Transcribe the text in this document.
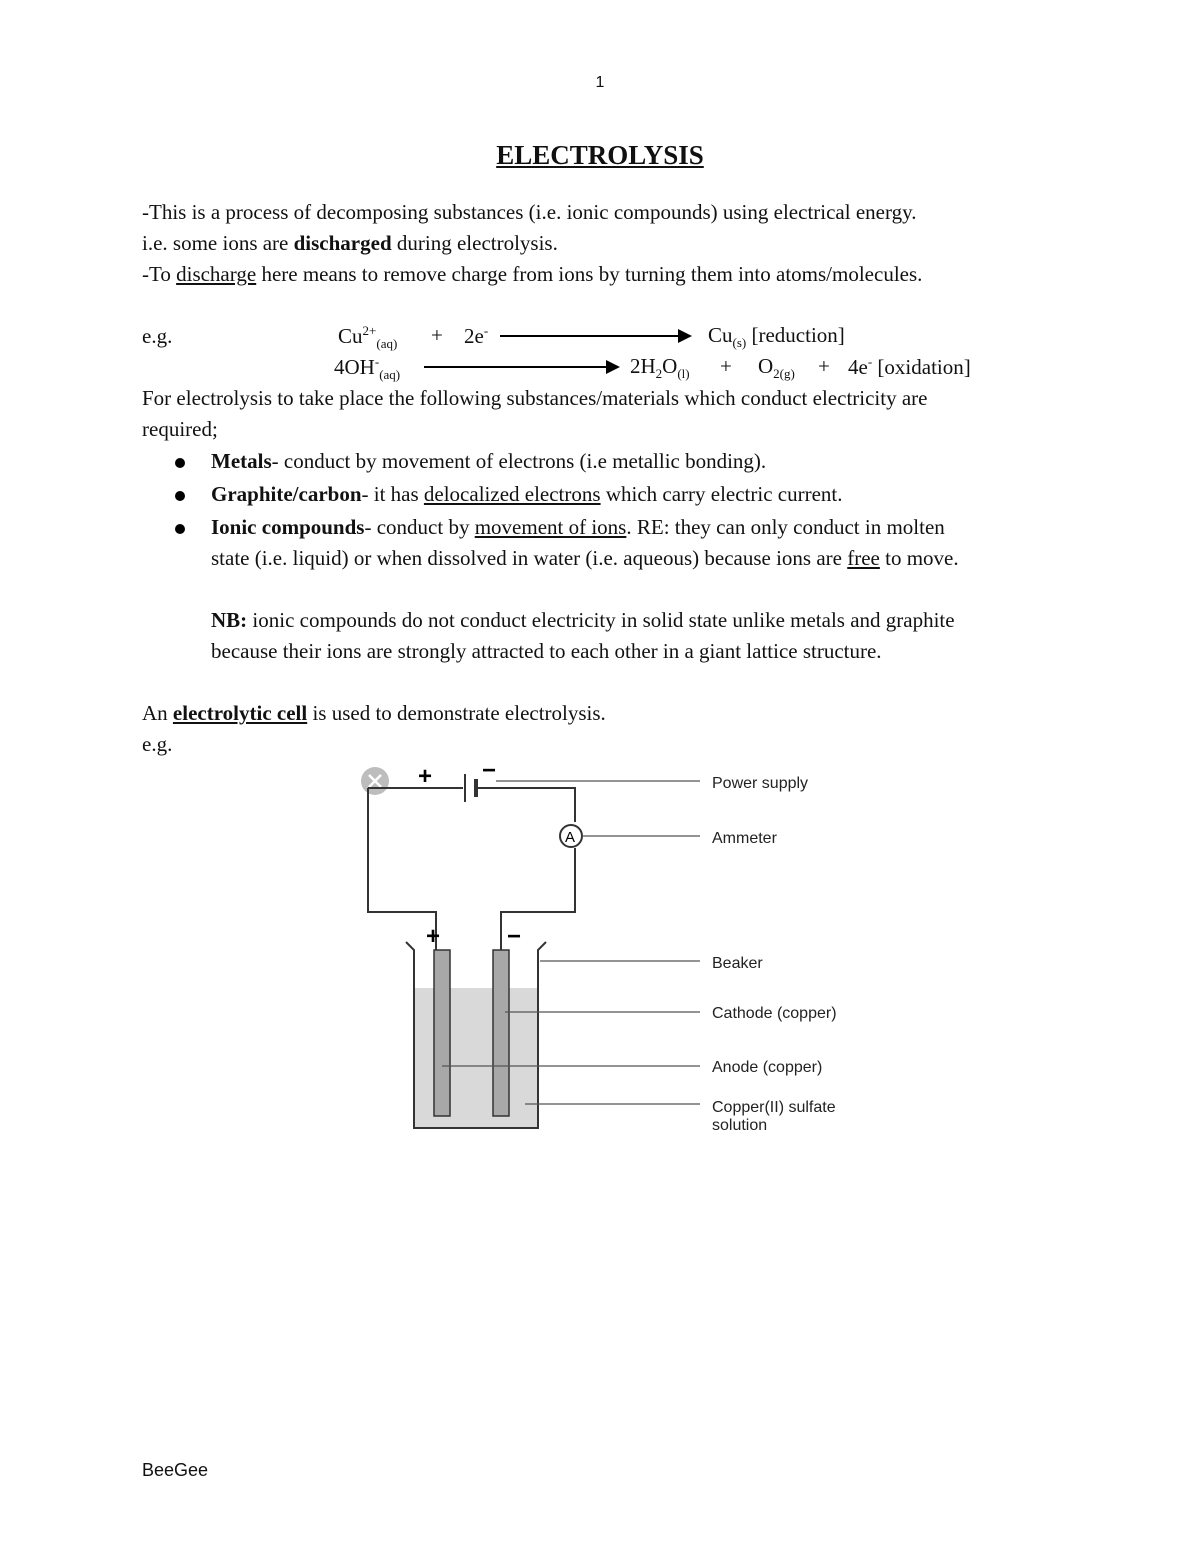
1
ELECTROLYSIS
-This is a process of decomposing substances (i.e. ionic compounds) using electrical energy.
i.e. some ions are discharged during electrolysis.
-To discharge here means to remove charge from ions by turning them into atoms/molecules.
e.g.	$Cu^{2+}_{(aq)} + 2e^-$	$Cu_{(s)}$ [reduction]
$4OH^-_{(aq)}$	$2H_2O_{(l)} + O_{2(g)} + 4e^-$ [oxidation]
For electrolysis to take place the following substances/materials which conduct electricity are
required;
Metals- conduct by movement of electrons (i.e metallic bonding).
Graphite/carbon- it has delocalized electrons which carry electric current.
Ionic compounds- conduct by movement of ions. RE: they can only conduct in molten
state (i.e. liquid) or when dissolved in water (i.e. aqueous) because ions are free to move.
NB: ionic compounds do not conduct electricity in solid state unlike metals and graphite
because their ions are strongly attracted to each other in a giant lattice structure.
An electrolytic cell is used to demonstrate electrolysis.
e.g.
+ −
A
+	−
Power supply
Ammeter
Beaker
Cathode (copper)
Anode (copper)
Copper(II) sulfate
solution
BeeGee
